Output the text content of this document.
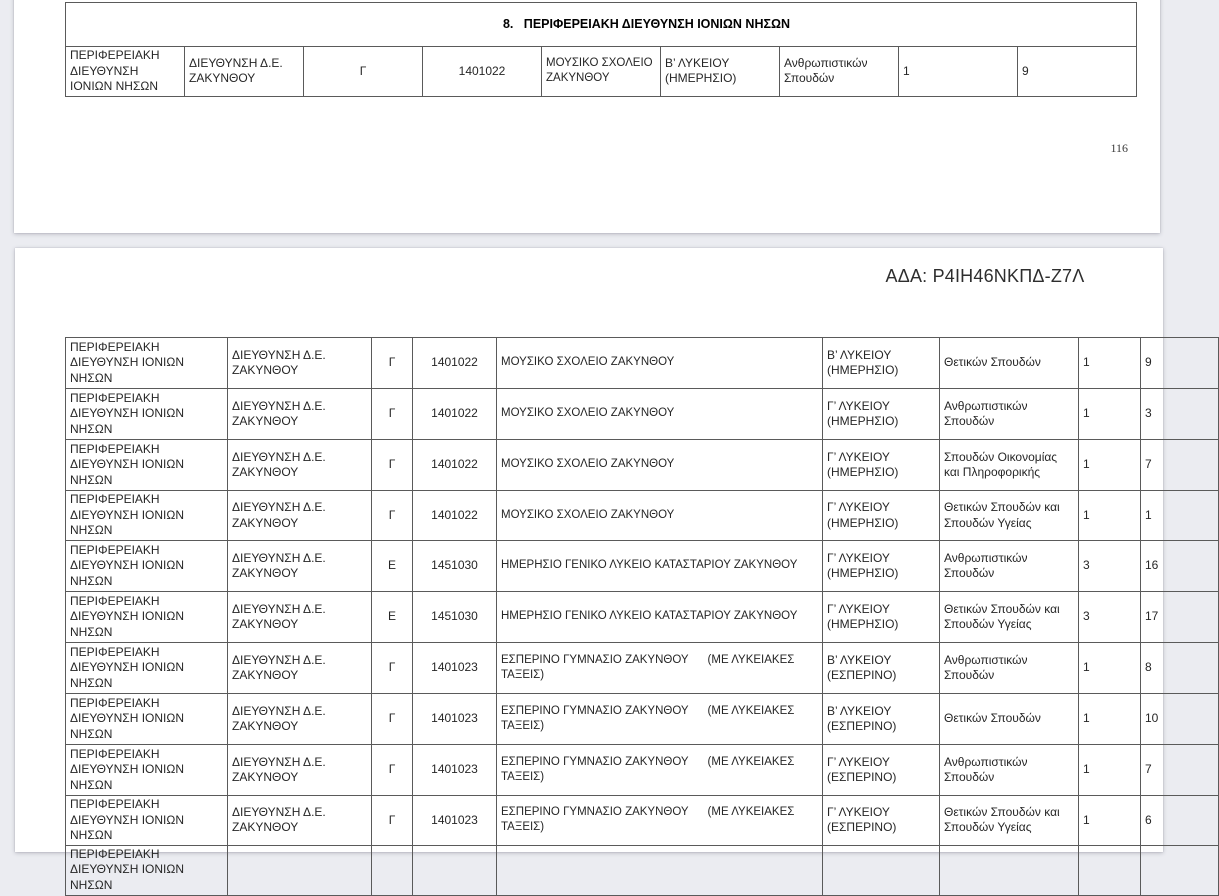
8.   ΠΕΡΙΦΕΡΕΙΑΚΗ ΔΙΕΥΘΥΝΣΗ ΙΟΝΙΩΝ ΝΗΣΩΝ
ΠΕΡΙΦΕΡΕΙΑΚΗ ΔΙΕΥΘΥΝΣΗ ΙΟΝΙΩΝ ΝΗΣΩΝ	ΔΙΕΥΘΥΝΣΗ Δ.Ε. ΖΑΚΥΝΘΟΥ	Γ	1401022	ΜΟΥΣΙΚΟ ΣΧΟΛΕΙΟ ΖΑΚΥΝΘΟΥ	Β’ ΛΥΚΕΙΟΥ (ΗΜΕΡΗΣΙΟ)	Ανθρωπιστικών Σπουδών	1	9
116
ΑΔΑ: Ρ4ΙΗ46ΝΚΠΔ-Ζ7Λ
ΠΕΡΙΦΕΡΕΙΑΚΗ ΔΙΕΥΘΥΝΣΗ ΙΟΝΙΩΝ ΝΗΣΩΝ	ΔΙΕΥΘΥΝΣΗ Δ.Ε. ΖΑΚΥΝΘΟΥ	Γ	1401022	ΜΟΥΣΙΚΟ ΣΧΟΛΕΙΟ ΖΑΚΥΝΘΟΥ	Β’ ΛΥΚΕΙΟΥ (ΗΜΕΡΗΣΙΟ)	Θετικών Σπουδών	1	9
ΠΕΡΙΦΕΡΕΙΑΚΗ ΔΙΕΥΘΥΝΣΗ ΙΟΝΙΩΝ ΝΗΣΩΝ	ΔΙΕΥΘΥΝΣΗ Δ.Ε. ΖΑΚΥΝΘΟΥ	Γ	1401022	ΜΟΥΣΙΚΟ ΣΧΟΛΕΙΟ ΖΑΚΥΝΘΟΥ	Γ’ ΛΥΚΕΙΟΥ (ΗΜΕΡΗΣΙΟ)	Ανθρωπιστικών Σπουδών	1	3
ΠΕΡΙΦΕΡΕΙΑΚΗ ΔΙΕΥΘΥΝΣΗ ΙΟΝΙΩΝ ΝΗΣΩΝ	ΔΙΕΥΘΥΝΣΗ Δ.Ε. ΖΑΚΥΝΘΟΥ	Γ	1401022	ΜΟΥΣΙΚΟ ΣΧΟΛΕΙΟ ΖΑΚΥΝΘΟΥ	Γ’ ΛΥΚΕΙΟΥ (ΗΜΕΡΗΣΙΟ)	Σπουδών Οικονομίας και Πληροφορικής	1	7
ΠΕΡΙΦΕΡΕΙΑΚΗ ΔΙΕΥΘΥΝΣΗ ΙΟΝΙΩΝ ΝΗΣΩΝ	ΔΙΕΥΘΥΝΣΗ Δ.Ε. ΖΑΚΥΝΘΟΥ	Γ	1401022	ΜΟΥΣΙΚΟ ΣΧΟΛΕΙΟ ΖΑΚΥΝΘΟΥ	Γ’ ΛΥΚΕΙΟΥ (ΗΜΕΡΗΣΙΟ)	Θετικών Σπουδών και Σπουδών Υγείας	1	1
ΠΕΡΙΦΕΡΕΙΑΚΗ ΔΙΕΥΘΥΝΣΗ ΙΟΝΙΩΝ ΝΗΣΩΝ	ΔΙΕΥΘΥΝΣΗ Δ.Ε. ΖΑΚΥΝΘΟΥ	Ε	1451030	ΗΜΕΡΗΣΙΟ ΓΕΝΙΚΟ ΛΥΚΕΙΟ ΚΑΤΑΣΤΑΡΙΟΥ ΖΑΚΥΝΘΟΥ	Γ’ ΛΥΚΕΙΟΥ (ΗΜΕΡΗΣΙΟ)	Ανθρωπιστικών Σπουδών	3	16
ΠΕΡΙΦΕΡΕΙΑΚΗ ΔΙΕΥΘΥΝΣΗ ΙΟΝΙΩΝ ΝΗΣΩΝ	ΔΙΕΥΘΥΝΣΗ Δ.Ε. ΖΑΚΥΝΘΟΥ	Ε	1451030	ΗΜΕΡΗΣΙΟ ΓΕΝΙΚΟ ΛΥΚΕΙΟ ΚΑΤΑΣΤΑΡΙΟΥ ΖΑΚΥΝΘΟΥ	Γ’ ΛΥΚΕΙΟΥ (ΗΜΕΡΗΣΙΟ)	Θετικών Σπουδών και Σπουδών Υγείας	3	17
ΠΕΡΙΦΕΡΕΙΑΚΗ ΔΙΕΥΘΥΝΣΗ ΙΟΝΙΩΝ ΝΗΣΩΝ	ΔΙΕΥΘΥΝΣΗ Δ.Ε. ΖΑΚΥΝΘΟΥ	Γ	1401023	ΕΣΠΕΡΙΝΟ ΓΥΜΝΑΣΙΟ ΖΑΚΥΝΘΟΥ      (ΜΕ ΛΥΚΕΙΑΚΕΣ ΤΑΞΕΙΣ)	Β’ ΛΥΚΕΙΟΥ (ΕΣΠΕΡΙΝΟ)	Ανθρωπιστικών Σπουδών	1	8
ΠΕΡΙΦΕΡΕΙΑΚΗ ΔΙΕΥΘΥΝΣΗ ΙΟΝΙΩΝ ΝΗΣΩΝ	ΔΙΕΥΘΥΝΣΗ Δ.Ε. ΖΑΚΥΝΘΟΥ	Γ	1401023	ΕΣΠΕΡΙΝΟ ΓΥΜΝΑΣΙΟ ΖΑΚΥΝΘΟΥ      (ΜΕ ΛΥΚΕΙΑΚΕΣ ΤΑΞΕΙΣ)	Β’ ΛΥΚΕΙΟΥ (ΕΣΠΕΡΙΝΟ)	Θετικών Σπουδών	1	10
ΠΕΡΙΦΕΡΕΙΑΚΗ ΔΙΕΥΘΥΝΣΗ ΙΟΝΙΩΝ ΝΗΣΩΝ	ΔΙΕΥΘΥΝΣΗ Δ.Ε. ΖΑΚΥΝΘΟΥ	Γ	1401023	ΕΣΠΕΡΙΝΟ ΓΥΜΝΑΣΙΟ ΖΑΚΥΝΘΟΥ      (ΜΕ ΛΥΚΕΙΑΚΕΣ ΤΑΞΕΙΣ)	Γ’ ΛΥΚΕΙΟΥ (ΕΣΠΕΡΙΝΟ)	Ανθρωπιστικών Σπουδών	1	7
ΠΕΡΙΦΕΡΕΙΑΚΗ ΔΙΕΥΘΥΝΣΗ ΙΟΝΙΩΝ ΝΗΣΩΝ	ΔΙΕΥΘΥΝΣΗ Δ.Ε. ΖΑΚΥΝΘΟΥ	Γ	1401023	ΕΣΠΕΡΙΝΟ ΓΥΜΝΑΣΙΟ ΖΑΚΥΝΘΟΥ      (ΜΕ ΛΥΚΕΙΑΚΕΣ ΤΑΞΕΙΣ)	Γ’ ΛΥΚΕΙΟΥ (ΕΣΠΕΡΙΝΟ)	Θετικών Σπουδών και Σπουδών Υγείας	1	6
ΠΕΡΙΦΕΡΕΙΑΚΗ ΔΙΕΥΘΥΝΣΗ ΙΟΝΙΩΝ ΝΗΣΩΝ								
